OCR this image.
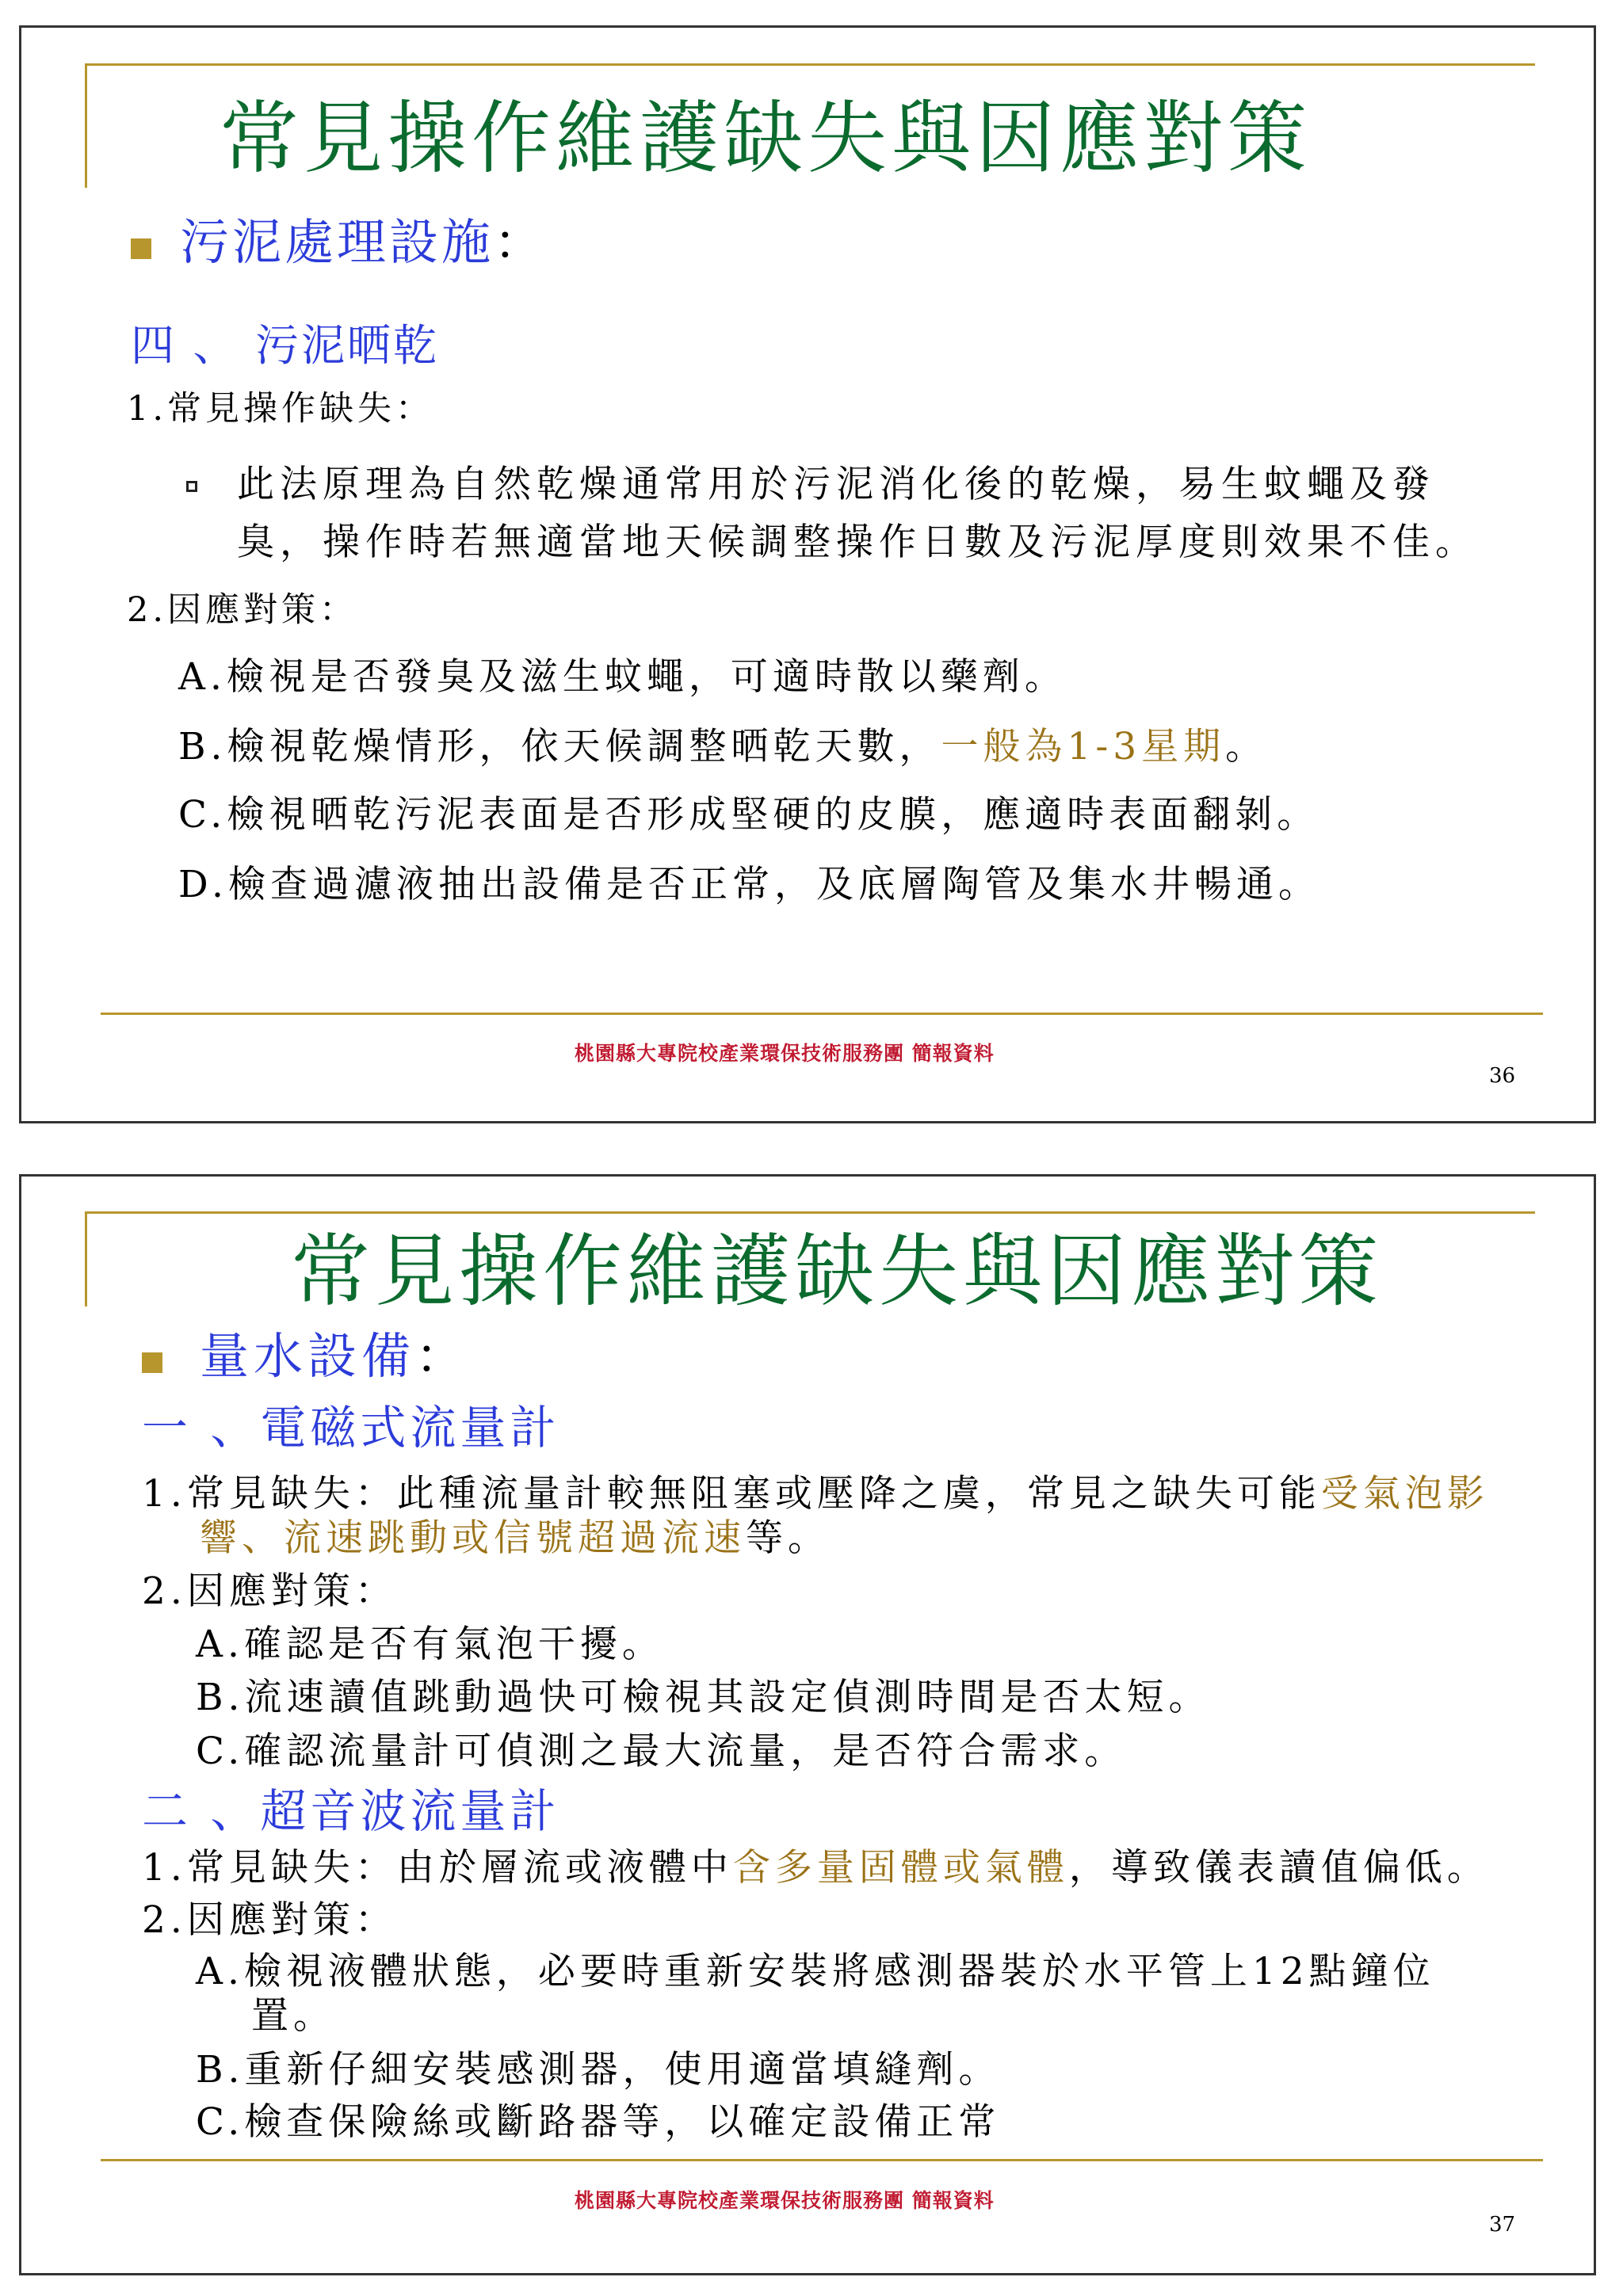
常見操作維護缺失與因應對策
污泥處理設施：
四 、 污泥晒乾
1.常見操作缺失：
此法原理為自然乾燥通常用於污泥消化後的乾燥，易生蚊蠅及發
臭，操作時若無適當地天候調整操作日數及污泥厚度則效果不佳。
2.因應對策：
A.檢視是否發臭及滋生蚊蠅，可適時散以藥劑。
B.檢視乾燥情形，依天候調整晒乾天數，一般為1-3星期。
C.檢視晒乾污泥表面是否形成堅硬的皮膜，應適時表面翻剝。
D.檢查過濾液抽出設備是否正常，及底層陶管及集水井暢通。
桃園縣大專院校產業環保技術服務團 簡報資料
36
常見操作維護缺失與因應對策
量水設備：
一 、電磁式流量計
1.常見缺失：此種流量計較無阻塞或壓降之虞，常見之缺失可能受氣泡影
響、流速跳動或信號超過流速等。
2.因應對策：
A.確認是否有氣泡干擾。
B.流速讀值跳動過快可檢視其設定偵測時間是否太短。
C.確認流量計可偵測之最大流量，是否符合需求。
二 、超音波流量計
1.常見缺失：由於層流或液體中含多量固體或氣體，導致儀表讀值偏低。
2.因應對策：
A.檢視液體狀態，必要時重新安裝將感測器裝於水平管上12點鐘位
置。
B.重新仔細安裝感測器，使用適當填縫劑。
C.檢查保險絲或斷路器等，以確定設備正常
桃園縣大專院校產業環保技術服務團 簡報資料
37
